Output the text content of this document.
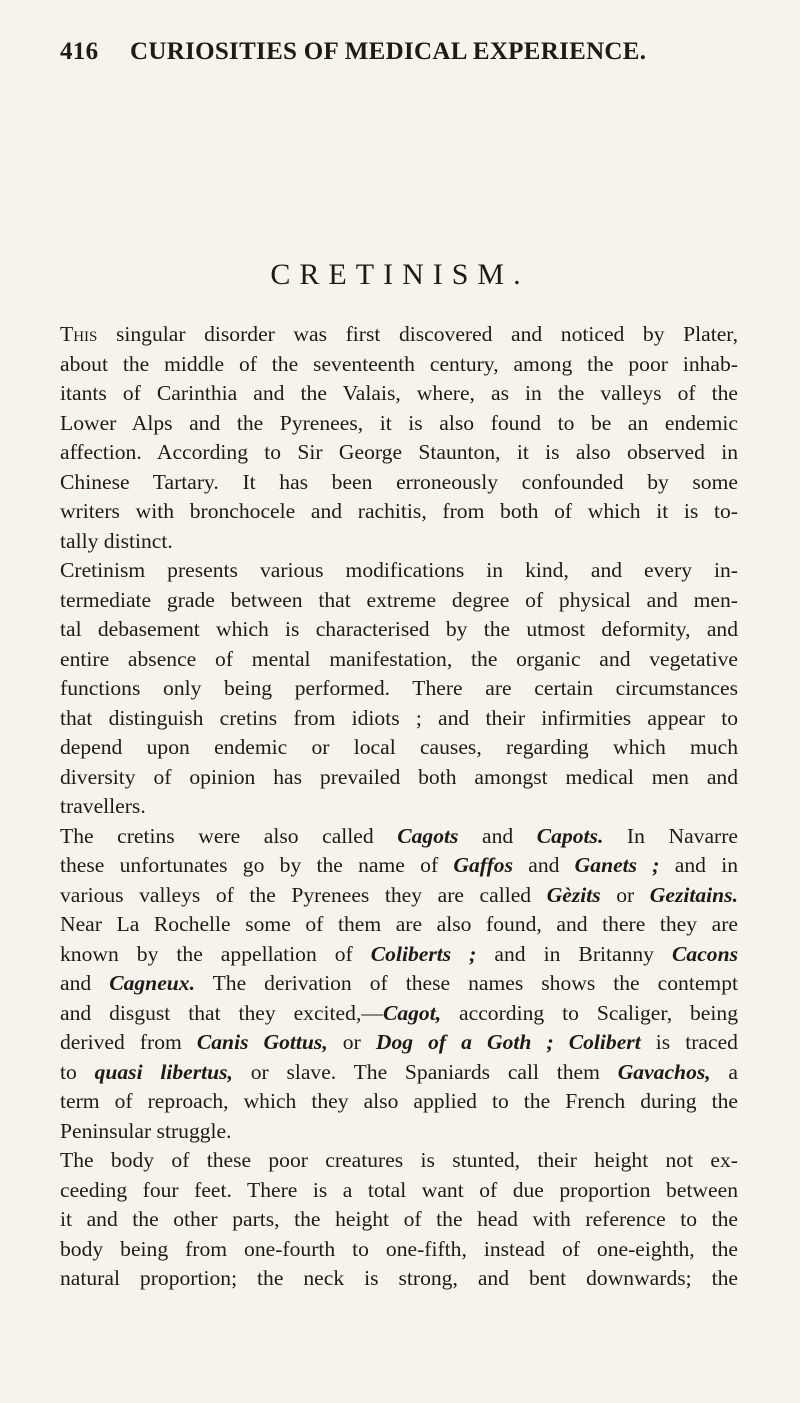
416	CURIOSITIES OF MEDICAL EXPERIENCE.
CRETINISM.

This singular disorder was first discovered and noticed by Plater,
about the middle of the seventeenth century, among the poor inhab-
itants of Carinthia and the Valais, where, as in the valleys of the
Lower Alps and the Pyrenees, it is also found to be an endemic
affection. According to Sir George Staunton, it is also observed in
Chinese Tartary. It has been erroneously confounded by some
writers with bronchocele and rachitis, from both of which it is to-
tally distinct.

Cretinism presents various modifications in kind, and every in-
termediate grade between that extreme degree of physical and men-
tal debasement which is characterised by the utmost deformity, and
entire absence of mental manifestation, the organic and vegetative
functions only being performed. There are certain circumstances
that distinguish cretins from idiots ; and their infirmities appear to
depend upon endemic or local causes, regarding which much
diversity of opinion has prevailed both amongst medical men and
travellers.

The cretins were also called Cagots and Capots. In Navarre
these unfortunates go by the name of Gaffos and Ganets ; and in
various valleys of the Pyrenees they are called Gèzits or Gezitains.
Near La Rochelle some of them are also found, and there they are
known by the appellation of Coliberts ; and in Britanny Cacons
and Cagneux. The derivation of these names shows the contempt
and disgust that they excited,—Cagot, according to Scaliger, being
derived from Canis Gottus, or Dog of a Goth ; Colibert is traced
to quasi libertus, or slave. The Spaniards call them Gavachos, a
term of reproach, which they also applied to the French during the
Peninsular struggle.

The body of these poor creatures is stunted, their height not ex-
ceeding four feet. There is a total want of due proportion between
it and the other parts, the height of the head with reference to the
body being from one-fourth to one-fifth, instead of one-eighth, the
natural proportion; the neck is strong, and bent downwards; the
